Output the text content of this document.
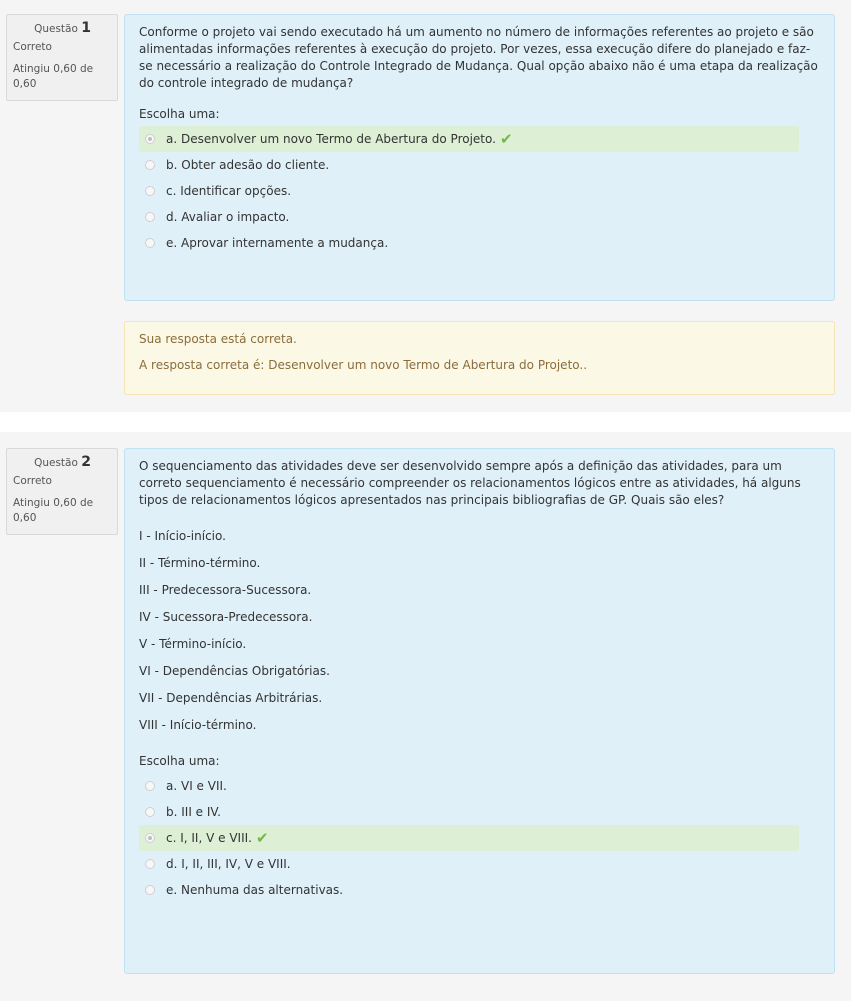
Questão 1
Correto
Atingiu 0,60 de 0,60

Conforme o projeto vai sendo executado há um aumento no número de informações referentes ao projeto e são alimentadas informações referentes à execução do projeto. Por vezes, essa execução difere do planejado e faz-se necessário a realização do Controle Integrado de Mudança. Qual opção abaixo não é uma etapa da realização do controle integrado de mudança?

Escolha uma:
a. Desenvolver um novo Termo de Abertura do Projeto. ✔
b. Obter adesão do cliente.
c. Identificar opções.
d. Avaliar o impacto.
e. Aprovar internamente a mudança.
Sua resposta está correta.
A resposta correta é: Desenvolver um novo Termo de Abertura do Projeto..
Questão 2
Correto
Atingiu 0,60 de 0,60

O sequenciamento das atividades deve ser desenvolvido sempre após a definição das atividades, para um correto sequenciamento é necessário compreender os relacionamentos lógicos entre as atividades, há alguns tipos de relacionamentos lógicos apresentados nas principais bibliografias de GP. Quais são eles?

I - Início-início.
II - Término-término.
III - Predecessora-Sucessora.
IV - Sucessora-Predecessora.
V - Término-início.
VI - Dependências Obrigatórias.
VII - Dependências Arbitrárias.
VIII - Início-término.
Escolha uma:
a. VI e VII.
b. III e IV.
c. I, II, V e VIII. ✔
d. I, II, III, IV, V e VIII.
e. Nenhuma das alternativas.
